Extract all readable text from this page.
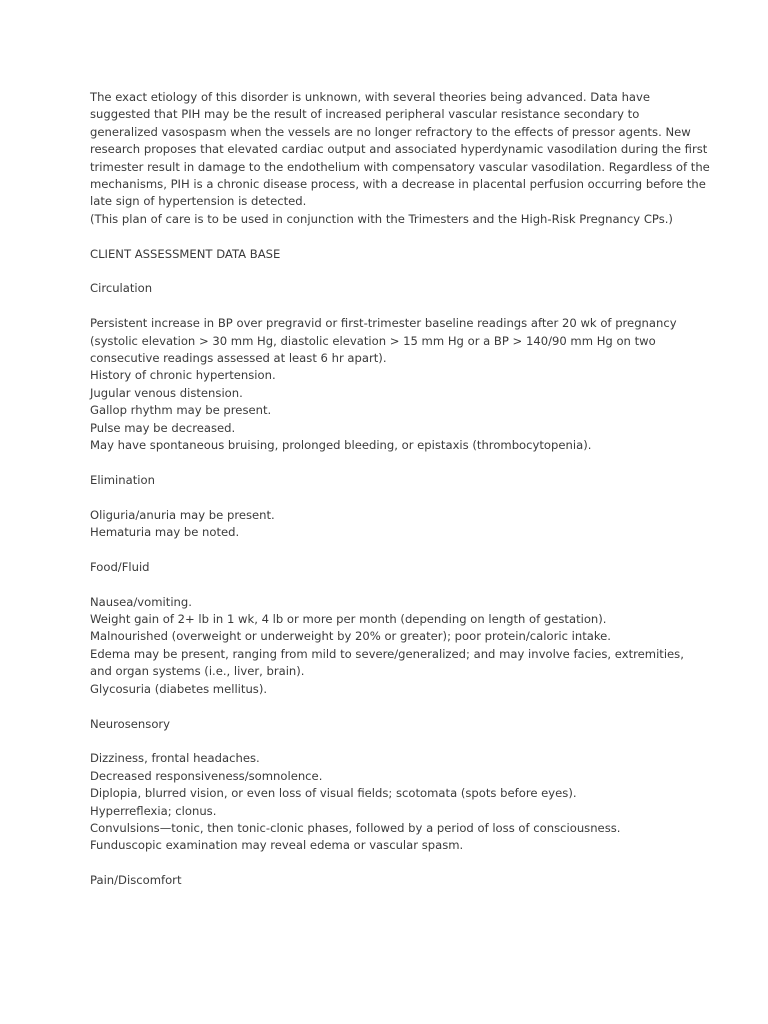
The exact etiology of this disorder is unknown, with several theories being advanced. Data have
suggested that PIH may be the result of increased peripheral vascular resistance secondary to
generalized vasospasm when the vessels are no longer refractory to the effects of pressor agents. New
research proposes that elevated cardiac output and associated hyperdynamic vasodilation during the first
trimester result in damage to the endothelium with compensatory vascular vasodilation. Regardless of the
mechanisms, PIH is a chronic disease process, with a decrease in placental perfusion occurring before the
late sign of hypertension is detected.
(This plan of care is to be used in conjunction with the Trimesters and the High-Risk Pregnancy CPs.)
CLIENT ASSESSMENT DATA BASE
Circulation
Persistent increase in BP over pregravid or first-trimester baseline readings after 20 wk of pregnancy
(systolic elevation > 30 mm Hg, diastolic elevation > 15 mm Hg or a BP > 140/90 mm Hg on two
consecutive readings assessed at least 6 hr apart).
History of chronic hypertension.
Jugular venous distension.
Gallop rhythm may be present.
Pulse may be decreased.
May have spontaneous bruising, prolonged bleeding, or epistaxis (thrombocytopenia).
Elimination
Oliguria/anuria may be present.
Hematuria may be noted.
Food/Fluid
Nausea/vomiting.
Weight gain of 2+ lb in 1 wk, 4 lb or more per month (depending on length of gestation).
Malnourished (overweight or underweight by 20% or greater); poor protein/caloric intake.
Edema may be present, ranging from mild to severe/generalized; and may involve facies, extremities,
and organ systems (i.e., liver, brain).
Glycosuria (diabetes mellitus).
Neurosensory
Dizziness, frontal headaches.
Decreased responsiveness/somnolence.
Diplopia, blurred vision, or even loss of visual fields; scotomata (spots before eyes).
Hyperreflexia; clonus.
Convulsions—tonic, then tonic-clonic phases, followed by a period of loss of consciousness.
Funduscopic examination may reveal edema or vascular spasm.
Pain/Discomfort
